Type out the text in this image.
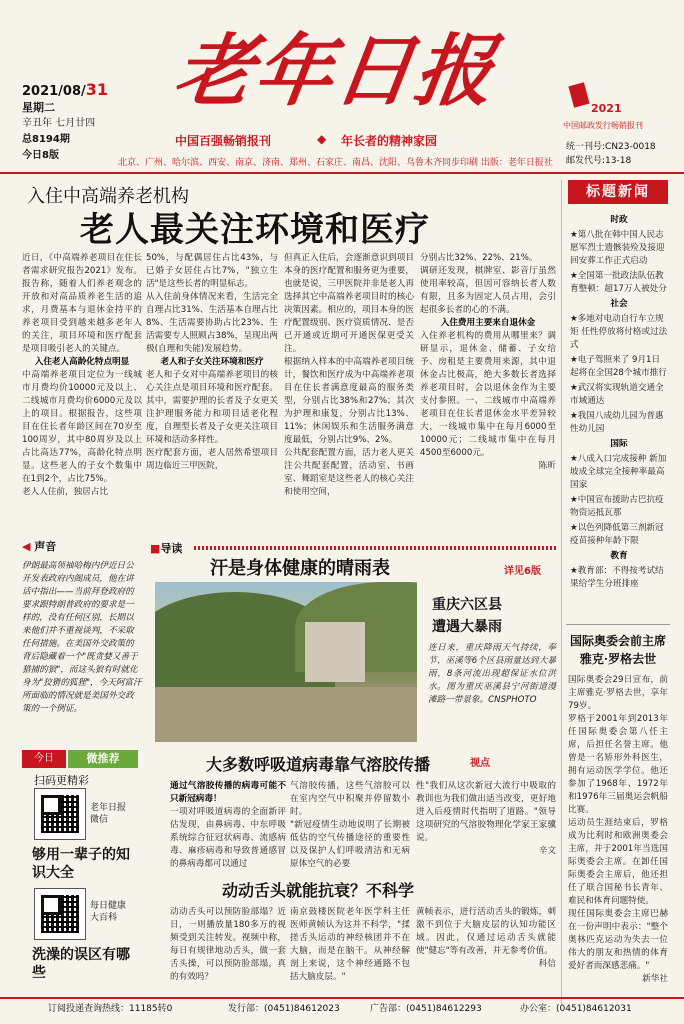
2021/08/31
星期二
辛丑年 七月廿四
总8194期
今日8版
老年日报
中国百强畅销报刊	◆ 年长者的精神家园
北京、广州、哈尔滨、西安、南京、济南、郑州、石家庄、南昌、沈阳、乌鲁木齐同步印刷 出版：老年日报社
2021
中国邮政发行畅销报刊
统一刊号:CN23-0018
邮发代号:13-18
入住中高端养老机构
老人最关注环境和医疗

近日，《中高端养老项目在住长者需求研究报告2021》发布。报告称，随着人们养老观念的开放和对高品质养老生活的追求，月费基本与退休金持平的养老项目受到越来越多老年人的关注，项目环境和医疗配套是项目吸引老人的关键点。

入住老人高龄化特点明显

中高端养老项目定位为一线城市月费均价10000元及以上、二线城市月费均价6000元及以上的项目。根据报告，这些项目在住长者年龄区间在70岁至100周岁，其中80周岁及以上占比高达77%，高龄化特点明显。这些老人的子女个数集中在1到2个，占比75%。

老人人住前，独居占比

50%，与配偶居住占比43%，与已婚子女居住占比7%，"独立生活"是这些长者的明显标志。

从入住前身体情况来看，生活完全自理占比31%、生活基本自理占比8%、生活需要协助占比23%、生活需要专人照顾占38%，呈现出两极(自理和失能)发展趋势。

老人和子女关注环境和医疗

老人和子女对中高端养老项目的核心关注点是项目环境和医疗配套。其中，需要护理的长者及子女更关注护理服务能力和项目适老化程度，自理型长者及子女更关注项目环境和活动多样性。

医疗配套方面，老人居然希望项目周边临近三甲医院，

但真正入住后，会逐渐意识到项目本身的医疗配置和服务更为重要，也就是说，三甲医院并非是老人再选择其它中高端养老项目时的核心决策因素。相应的，项目本身的医疗配置级别、医疗资质情况、是否已开通或近期可开通医保更受关注。

根据纳入样本的中高端养老项目统计，餐饮和医疗成为中高端养老项目在住长者满意度最高的服务类型，分别占比38%和27%；其次为护理和康复，分别占比13%、11%；休闲娱乐和生活服务满意度最低，分别占比9%、2%。

公共配套配置方面，活力老人更关注公共配套配置，活动室、书画室、舞蹈室是这些老人的核心关注和使用空间，

分别占比32%、22%、21%。

调研还发现，棋牌室、影音厅虽然使用率较高，但因可容纳长者人数有限，且多为固定人员占用，会引起很多长者的心的不满。

入住费用主要来自退休金

入住养老机构的费用从哪里来？调研显示，退休金、储蓄、子女给予、房租是主要费用来源，其中退休金占比极高，绝大多数长者选择养老项目时，会以退休金作为主要支付参照。一、二线城市中高端养老项目在住长者退休金水平差异较大，一线城市集中在每月6000至10000元；二线城市集中在每月4500至6000元。

陈昕

标题新闻
时政

★第八批在韩中国人民志愿军烈士遗骸装殓及接迎回安葬工作正式启动

★全国第一批政法队伍教育整顿：超17万人被处分

社会

★多地对电动自行车立规矩 任性停放将付格或过法式

★电子驾照来了 9月1日起将在全国28个城市推行

★武汉将实现轨道交通全市域通达

★我国八成幼儿园为普惠性幼儿园

国际

★八成入口完成接种 新加坡成全球完全接种率最高国家

★中国宣布援助古巴抗疫物资运抵瓦那

★以色列降低第三剂新冠疫苗接种年龄下限

教育

★教育部：不得按考试结果给学生分班排座

国际奥委会前主席
雅克·罗格去世

国际奥委会29日宣布，前主席雅克·罗格去世，享年79岁。

罗格于2001年到2013年任国际奥委会第八任主席，后担任名誉主席。他曾是一名矫形外科医生，拥有运动医学学位。他还参加了1968年、1972年和1976年三届奥运会帆船比赛。

运动员生涯结束后，罗格成为比利时和欧洲奥委会主席，并于2001年当选国际奥委会主席。在卸任国际奥委会主席后，他还担任了联合国秘书长青年、难民和体育问题特使。

现任国际奥委会主席巴赫在一份声明中表示："整个奥林匹克运动为失去一位伟大的朋友和热情的体育爱好者而深感悲痛。"

新华社

◀ 声音
伊朗最高领袖哈梅内伊近日公开发表政府内阁成员，他在讲话中指出——当前拜登政府的要求跟特朗普政府的要求是一样的，没有任何区别，长期以来他们并不重视谈判，不采取任何措施。在美国外交政策的背后隐藏着一个"既贪婪又善于猎捕的狼"，而这头狼有时就化身为"狡猾的狐狸"，今天阿富汗所面临的情况就是美国外交政策的一个例证。
今日	微推荐
扫码更精彩
老年日报微信
够用一辈子的知识大全
每日健康大百科
洗澡的误区有哪些
■导读
汗是身体健康的晴雨表	详见6版
重庆六区县
遭遇大暴雨
连日来，重庆降雨天气持续，奉节、巫溪等6个区县雨量达到大暴雨，8条河流出现超保证水位洪水。图为重庆巫溪县宁河街道漫滩路一带景象。CNSPHOTO
视点
大多数呼吸道病毒靠气溶胶传播

通过气溶胶传播的病毒可能不只新冠病毒！

一项对呼吸道病毒的全面新评估发现，由鼻病毒、中东呼吸系统综合征冠状病毒、流感病毒、麻疹病毒和导致普通感冒的鼻病毒都可以通过

气溶胶传播，这些气溶胶可以在室内空气中积聚并停留数小时。

"新冠疫情生动地说明了长期被低估的空气传播途径的重要性以及保护人们呼吸清洁和无病原体空气的必要

性"我们从这次新冠大流行中吸取的教训也为我们做出适当改变，更好地进入后疫情时代指明了道路。"领导这项研究的气溶胶物理化学家王家骥说。

辛文

动动舌头就能抗衰？不科学
动动舌头可以预防脸部塌？近日，一则播放量180多万的视频受到关注转发。视频中称，每日有规律地动舌头，做一套舌头操，可以预防脸部塌，真的有效吗？
南京鼓楼医院老年医学科主任医师黄帧认为这并不科学，"揉搓舌头运动的神经核团并不在大脑，而是在脑干。从神经解剖上来说，这个神经通路不包括大脑皮层。"

黄帧表示，进行活动舌头的锻炼，刺激不到位于大脑皮层的认知功能区域。因此，仅通过运动舌头就能使"健忘"等有改善，并无参考价值。

科信

订阅投递查询热线：11185转0	发行部：(0451)84612023	广告部：(0451)84612293	办公室：(0451)84612031
